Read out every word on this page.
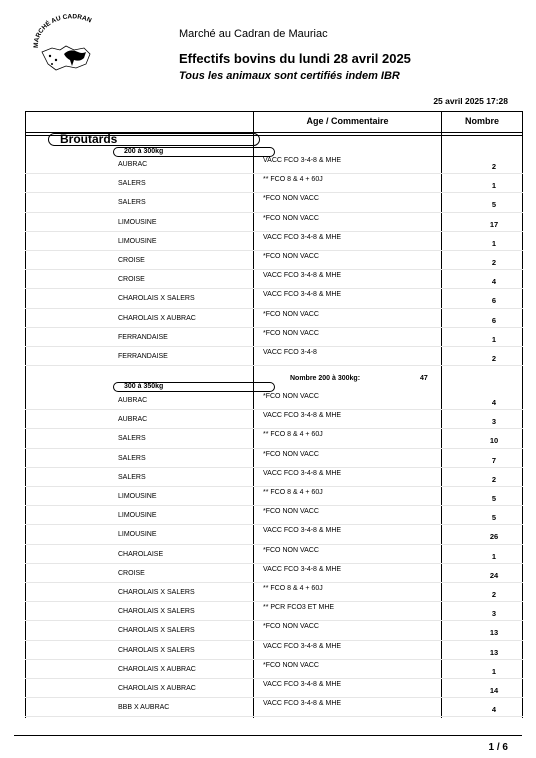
MARCHÉ AU CADRAN
Marché au Cadran de Mauriac
Effectifs bovins du lundi 28 avril 2025
Tous les animaux sont certifiés indem IBR
25 avril 2025 17:28
Age / Commentaire	Nombre
Broutards
200 à 300kg
AUBRAC
VACC FCO 3-4-8 & MHE
2
SALERS
** FCO 8 & 4 + 60J
1
SALERS
*FCO NON VACC
5
LIMOUSINE
*FCO NON VACC
17
LIMOUSINE
VACC FCO 3-4-8 & MHE
1
CROISE
*FCO NON VACC
2
CROISE
VACC FCO 3-4-8 & MHE
4
CHAROLAIS X SALERS
VACC FCO 3-4-8 & MHE
6
CHAROLAIS X AUBRAC
*FCO NON VACC
6
FERRANDAISE
*FCO NON VACC
1
FERRANDAISE
VACC FCO 3-4-8
2
Nombre 200 à 300kg:	47
300 à 350kg
AUBRAC
*FCO NON VACC
4
AUBRAC
VACC FCO 3-4-8 & MHE
3
SALERS
** FCO 8 & 4 + 60J
10
SALERS
*FCO NON VACC
7
SALERS
VACC FCO 3-4-8 & MHE
2
LIMOUSINE
** FCO 8 & 4 + 60J
5
LIMOUSINE
*FCO NON VACC
5
LIMOUSINE
VACC FCO 3-4-8 & MHE
26
CHAROLAISE
*FCO NON VACC
1
CROISE
VACC FCO 3-4-8 & MHE
24
CHAROLAIS X SALERS
** FCO 8 & 4 + 60J
2
CHAROLAIS X SALERS
** PCR FCO3 ET MHE
3
CHAROLAIS X SALERS
*FCO NON VACC
13
CHAROLAIS X SALERS
VACC FCO 3-4-8 & MHE
13
CHAROLAIS X AUBRAC
*FCO NON VACC
1
CHAROLAIS X AUBRAC
VACC FCO 3-4-8 & MHE
14
BBB X AUBRAC
VACC FCO 3-4-8 & MHE
4
1 / 6
